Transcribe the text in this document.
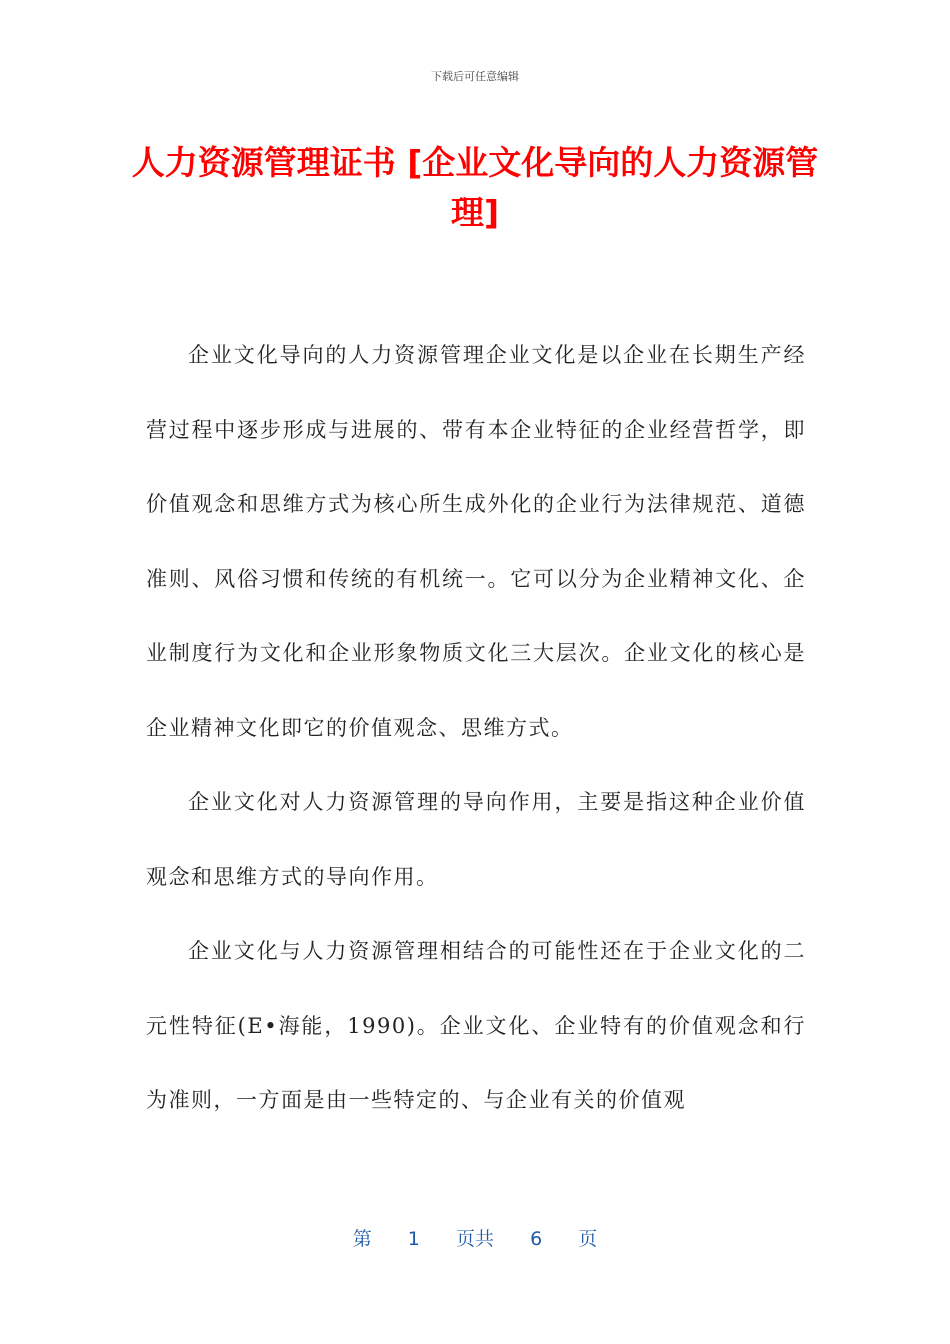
下载后可任意编辑
人力资源管理证书 [企业文化导向的人力资源管理]

企业文化导向的人力资源管理企业文化是以企业在长期生产经营过程中逐步形成与进展的、带有本企业特征的企业经营哲学，即价值观念和思维方式为核心所生成外化的企业行为法律规范、道德准则、风俗习惯和传统的有机统一。它可以分为企业精神文化、企业制度行为文化和企业形象物质文化三大层次。企业文化的核心是企业精神文化即它的价值观念、思维方式。

企业文化对人力资源管理的导向作用，主要是指这种企业价值观念和思维方式的导向作用。

企业文化与人力资源管理相结合的可能性还在于企业文化的二元性特征(E•海能，1990)。企业文化、企业特有的价值观念和行为准则，一方面是由一些特定的、与企业有关的价值观

第 1 页共 6 页
